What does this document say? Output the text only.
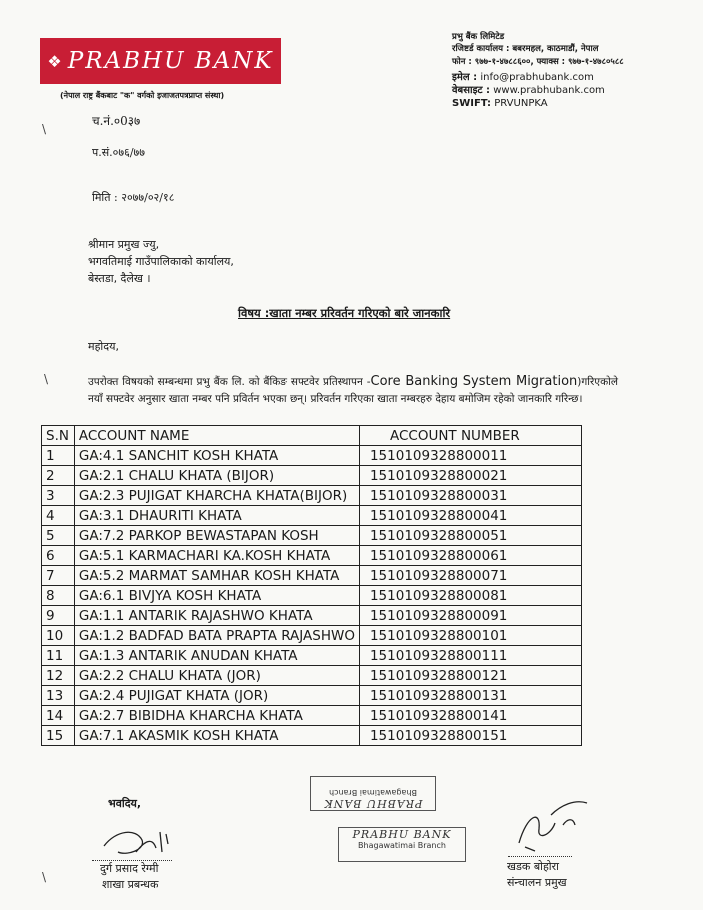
❖ PRABHU BANK
(नेपाल राष्ट्र बैंकबाट "क" वर्गको इजाजतपत्रप्राप्त संस्था)
प्रभु बैंक लिमिटेड
रजिष्टर्ड कार्यालय : बबरमहल, काठमाडौं, नेपाल
फोन : ९७७-१-४७८८६००, फ्याक्स : ९७७-१-४७८०५८८
इमेल : info@prabhubank.com
वेबसाइट : www.prabhubank.com
SWIFT: PRVUNPKA
\
\
\
च.नं.०0३७
प.सं.०७६/७७
मिति : २०७७/०२/१८
श्रीमान प्रमुख ज्यु,
भगवतिमाई गाउँपालिकाको कार्यालय,
बेस्तडा, दैलेख ।
विषय :खाता नम्बर प्ररिवर्तन गरिएको बारे जानकारि
महोदय,
उपरोक्त विषयको सम्बन्धमा प्रभु बैंक लि. को बैंकिङ सफ्टवेर प्रतिस्थापन -Core Banking System Migration)गरिएकोले नयाँ सफ्टवेर अनुसार खाता नम्बर पनि प्रविर्तन भएका छन्। प्ररिवर्तन गरिएका खाता नम्बरहरु देहाय बमोजिम रहेको जानकारि गरिन्छ।
S.N	ACCOUNT NAME	ACCOUNT NUMBER
1	GA:4.1 SANCHIT KOSH KHATA	1510109328800011
2	GA:2.1 CHALU KHATA (BIJOR)	1510109328800021
3	GA:2.3 PUJIGAT KHARCHA KHATA(BIJOR)	1510109328800031
4	GA:3.1 DHAURITI KHATA	1510109328800041
5	GA:7.2 PARKOP BEWASTAPAN KOSH	1510109328800051
6	GA:5.1 KARMACHARI KA.KOSH KHATA	1510109328800061
7	GA:5.2 MARMAT SAMHAR KOSH KHATA	1510109328800071
8	GA:6.1 BIVJYA KOSH KHATA	1510109328800081
9	GA:1.1 ANTARIK RAJASHWO KHATA	1510109328800091
10	GA:1.2 BADFAD BATA PRAPTA RAJASHWO	1510109328800101
11	GA:1.3 ANTARIK ANUDAN KHATA	1510109328800111
12	GA:2.2 CHALU KHATA (JOR)	1510109328800121
13	GA:2.4 PUJIGAT KHATA (JOR)	1510109328800131
14	GA:2.7 BIBIDHA KHARCHA KHATA	1510109328800141
15	GA:7.1 AKASMIK KOSH KHATA	1510109328800151
भवदिय,	PRABHU BANK
Bhagawatimai Branch
PRABHU BANK
Bhagawatimai Branch
दुर्ग प्रसाद रेग्मी
शाखा प्रबन्धक
खडक बोहोरा
संन्चालन प्रमुख
